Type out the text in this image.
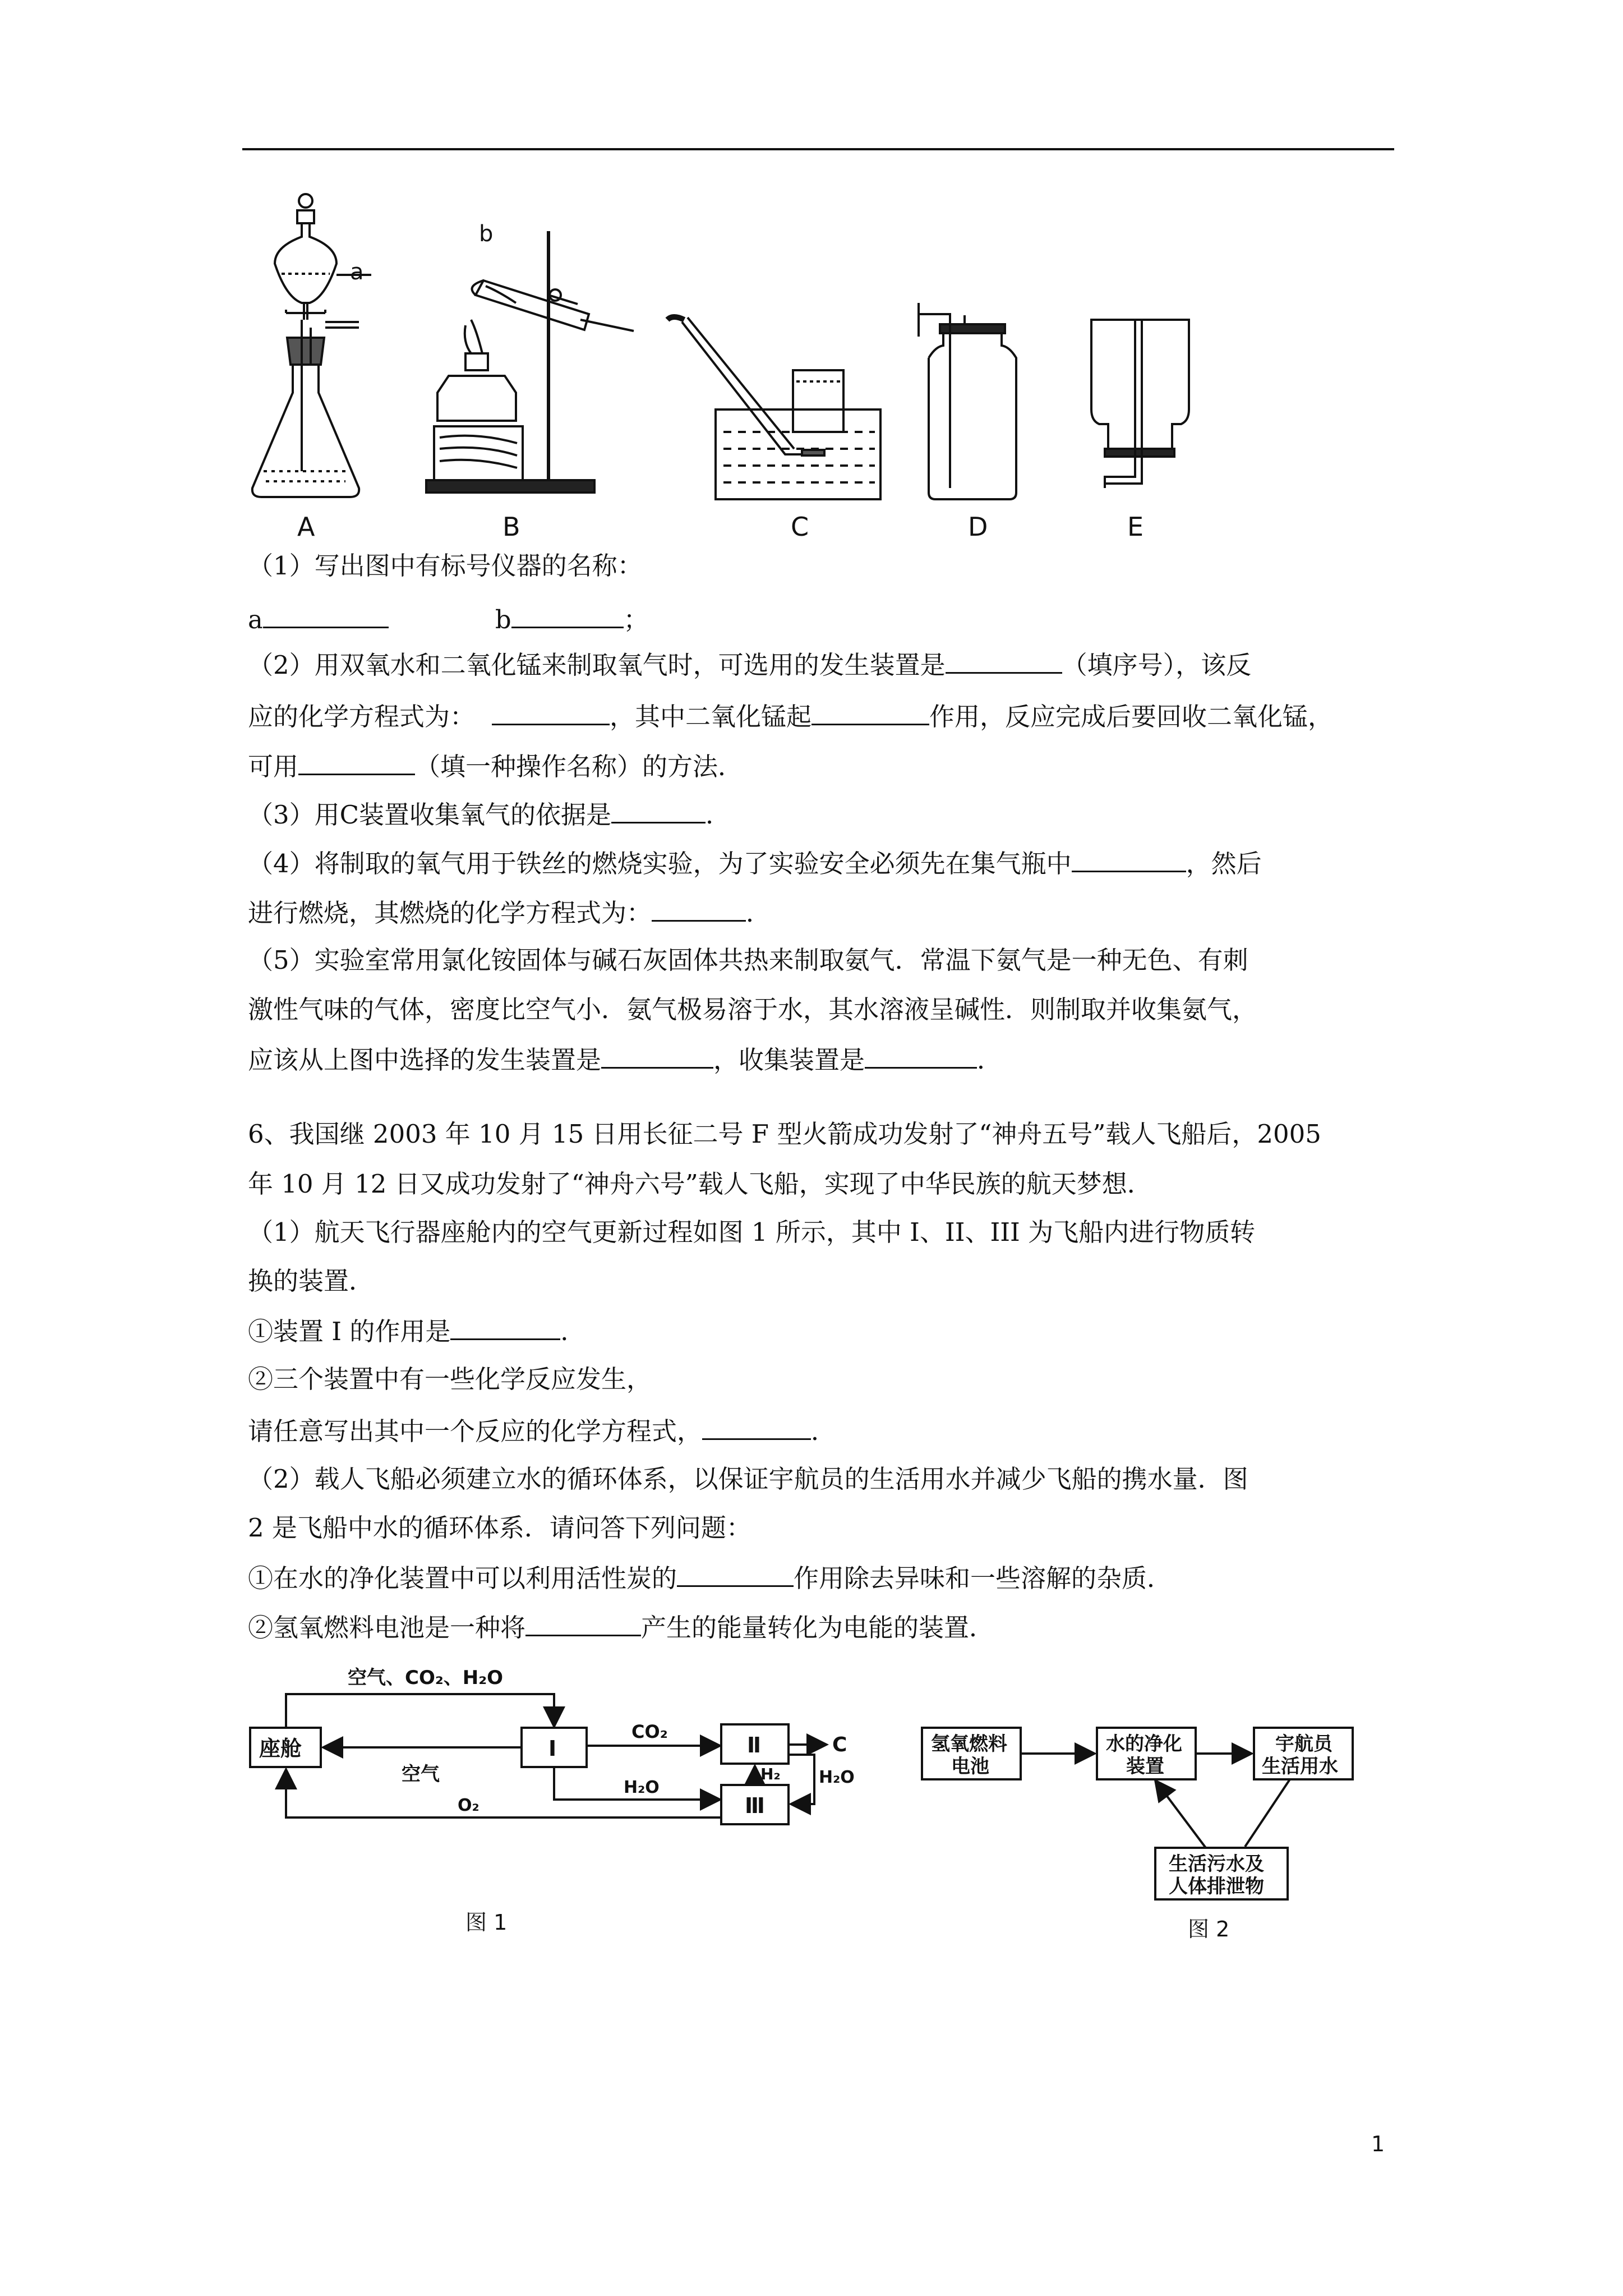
a
b
A	B	C	D	E
（1）写出图中有标号仪器的名称：
a	b	；
（2）用双氧水和二氧化锰来制取氧气时，可选用的发生装置是	（填序号），该反
应的化学方程式为：	，其中二氧化锰起	作用，反应完成后要回收二氧化锰，
可用	（填一种操作名称）的方法．
（3）用C装置收集氧气的依据是	．
（4）将制取的氧气用于铁丝的燃烧实验，为了实验安全必须先在集气瓶中	，然后
进行燃烧，其燃烧的化学方程式为：	．
（5）实验室常用氯化铵固体与碱石灰固体共热来制取氨气．常温下氨气是一种无色、有刺
激性气味的气体，密度比空气小．氨气极易溶于水，其水溶液呈碱性．则制取并收集氨气，
应该从上图中选择的发生装置是	，收集装置是	．
6、我国继 2003 年 10 月 15 日用长征二号 F 型火箭成功发射了“神舟五号”载人飞船后，2005
年 10 月 12 日又成功发射了“神舟六号”载人飞船，实现了中华民族的航天梦想．
（1）航天飞行器座舱内的空气更新过程如图 1 所示，其中 I、II、III 为飞船内进行物质转
换的装置．
①装置 I 的作用是	．
②三个装置中有一些化学反应发生，
请任意写出其中一个反应的化学方程式，	．
（2）载人飞船必须建立水的循环体系，以保证宇航员的生活用水并减少飞船的携水量．图
2 是飞船中水的循环体系．请问答下列问题：
①在水的净化装置中可以利用活性炭的	作用除去异味和一些溶解的杂质．
②氢氧燃料电池是一种将	产生的能量转化为电能的装置．
座舱	I	Ⅱ
Ⅲ
空气、CO₂、H₂O
空气
CO₂
C
H₂O
H₂O
H₂
O₂
图 1
氢氧燃料
电池
水的净化
装置
宇航员
生活用水
生活污水及
人体排泄物
图 2
1
